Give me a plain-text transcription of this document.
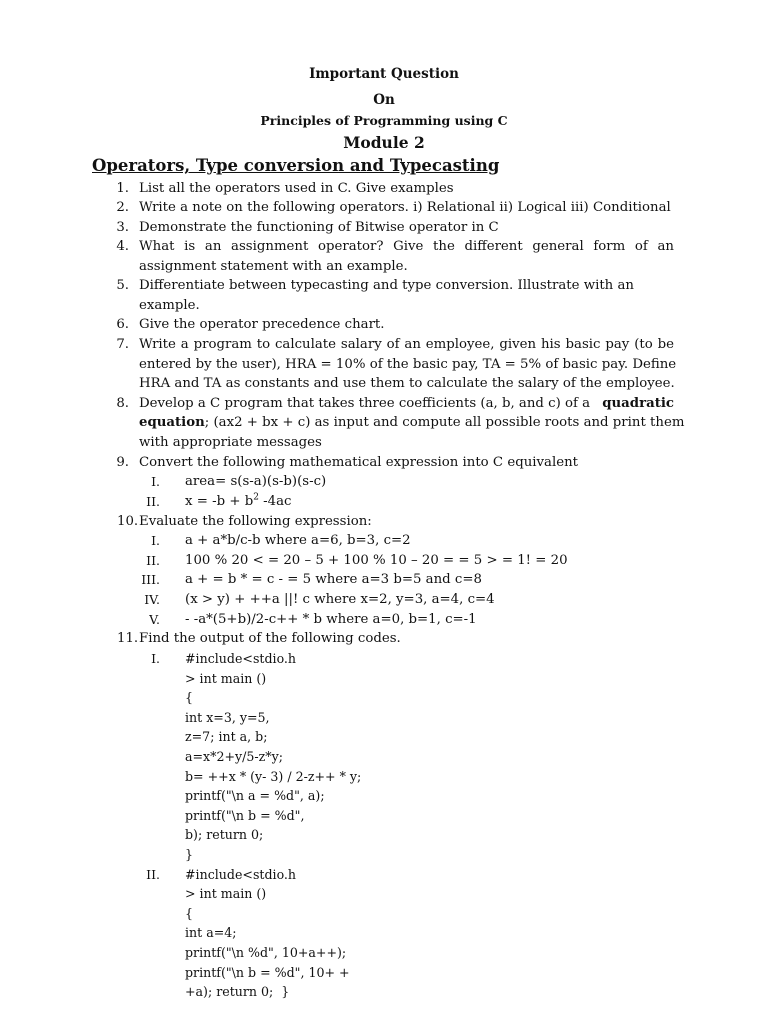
Important Question
On
Principles of Programming using C
Module 2
Operators, Type conversion and Typecasting
1. List all the operators used in C. Give examples
2. Write a note on the following operators. i) Relational ii) Logical iii) Conditional
3. Demonstrate the functioning of Bitwise operator in C
4. What is an assignment operator? Give the different general form of an
assignment statement with an example.
5. Differentiate between typecasting and type conversion. Illustrate with an
example.
6. Give the operator precedence chart.
7. Write a program to calculate salary of an employee, given his basic pay (to be
entered by the user), HRA = 10% of the basic pay, TA = 5% of basic pay. Define
HRA and TA as constants and use them to calculate the salary of the employee.
8. Develop a C program that takes three coefficients (a, b, and c) of a quadratic
equation ; (ax2 + bx + c) as input and compute all possible roots and print them
with appropriate messages
9. Convert the following mathematical expression into C equivalent
I. area= s(s-a)(s-b)(s-c)
II. $x = -b + b^2$ -4ac
10. Evaluate the following expression:
I. a + a*b/c-b where a=6, b=3, c=2
II. 100 % 20 < = 20 – 5 + 100 % 10 – 20 = = 5 > = 1! = 20
III. a + = b * = c - = 5 where a=3 b=5 and c=8
IV. (x > y) + ++a ||! c where x=2, y=3, a=4, c=4
V. - -a*(5+b)/2-c++ * b where a=0, b=1, c=-1
11. Find the output of the following codes.
I. #include<stdio.h
> int main ()
{
int x=3, y=5,
z=7; int a, b;
a=x*2+y/5-z*y;
b= ++x * (y- 3) / 2-z++ * y;
printf("\n a = %d", a);
printf("\n b = %d",
b); return 0;
}
II. #include<stdio.h
> int main ()
{
int a=4;
printf("\n %d", 10+a++);
printf("\n b = %d", 10+ +
+a); return 0;  }
